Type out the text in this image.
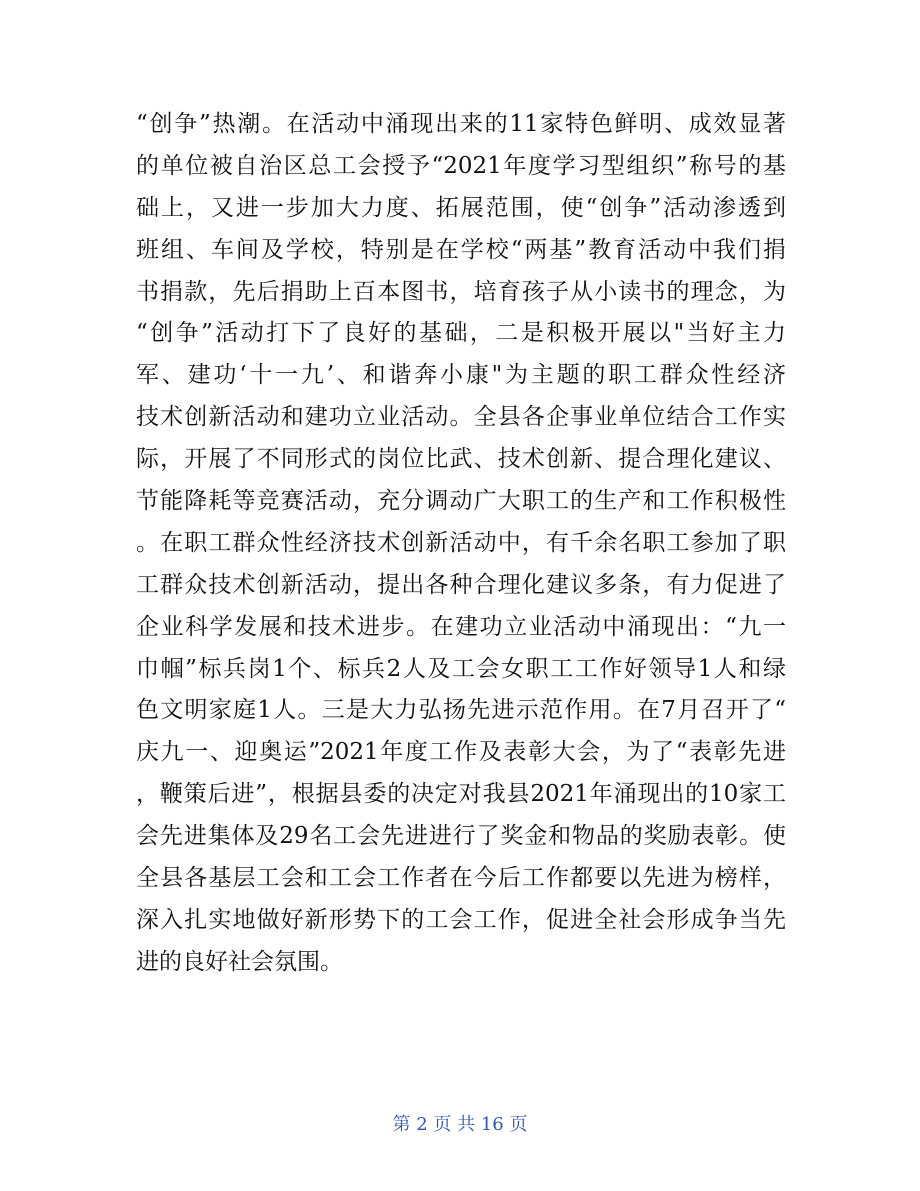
“创争”热潮。在活动中涌现出来的11家特色鲜明、成效显著
的单位被自治区总工会授予“2021年度学习型组织”称号的基
础上，又进一步加大力度、拓展范围，使“创争”活动渗透到
班组、车间及学校，特别是在学校“两基”教育活动中我们捐
书捐款，先后捐助上百本图书，培育孩子从小读书的理念，为
“创争”活动打下了良好的基础，二是积极开展以"当好主力
军、建功‘十一九’、和谐奔小康"为主题的职工群众性经济
技术创新活动和建功立业活动。全县各企事业单位结合工作实
际，开展了不同形式的岗位比武、技术创新、提合理化建议、
节能降耗等竞赛活动，充分调动广大职工的生产和工作积极性
。在职工群众性经济技术创新活动中，有千余名职工参加了职
工群众技术创新活动，提出各种合理化建议多条，有力促进了
企业科学发展和技术进步。在建功立业活动中涌现出：“九一
巾帼”标兵岗1个、标兵2人及工会女职工工作好领导1人和绿
色文明家庭1人。三是大力弘扬先进示范作用。在7月召开了“
庆九一、迎奥运”2021年度工作及表彰大会，为了“表彰先进
，鞭策后进”，根据县委的决定对我县2021年涌现出的10家工
会先进集体及29名工会先进进行了奖金和物品的奖励表彰。使
全县各基层工会和工会工作者在今后工作都要以先进为榜样，
深入扎实地做好新形势下的工会工作，促进全社会形成争当先
进的良好社会氛围。
第 2 页 共 16 页
